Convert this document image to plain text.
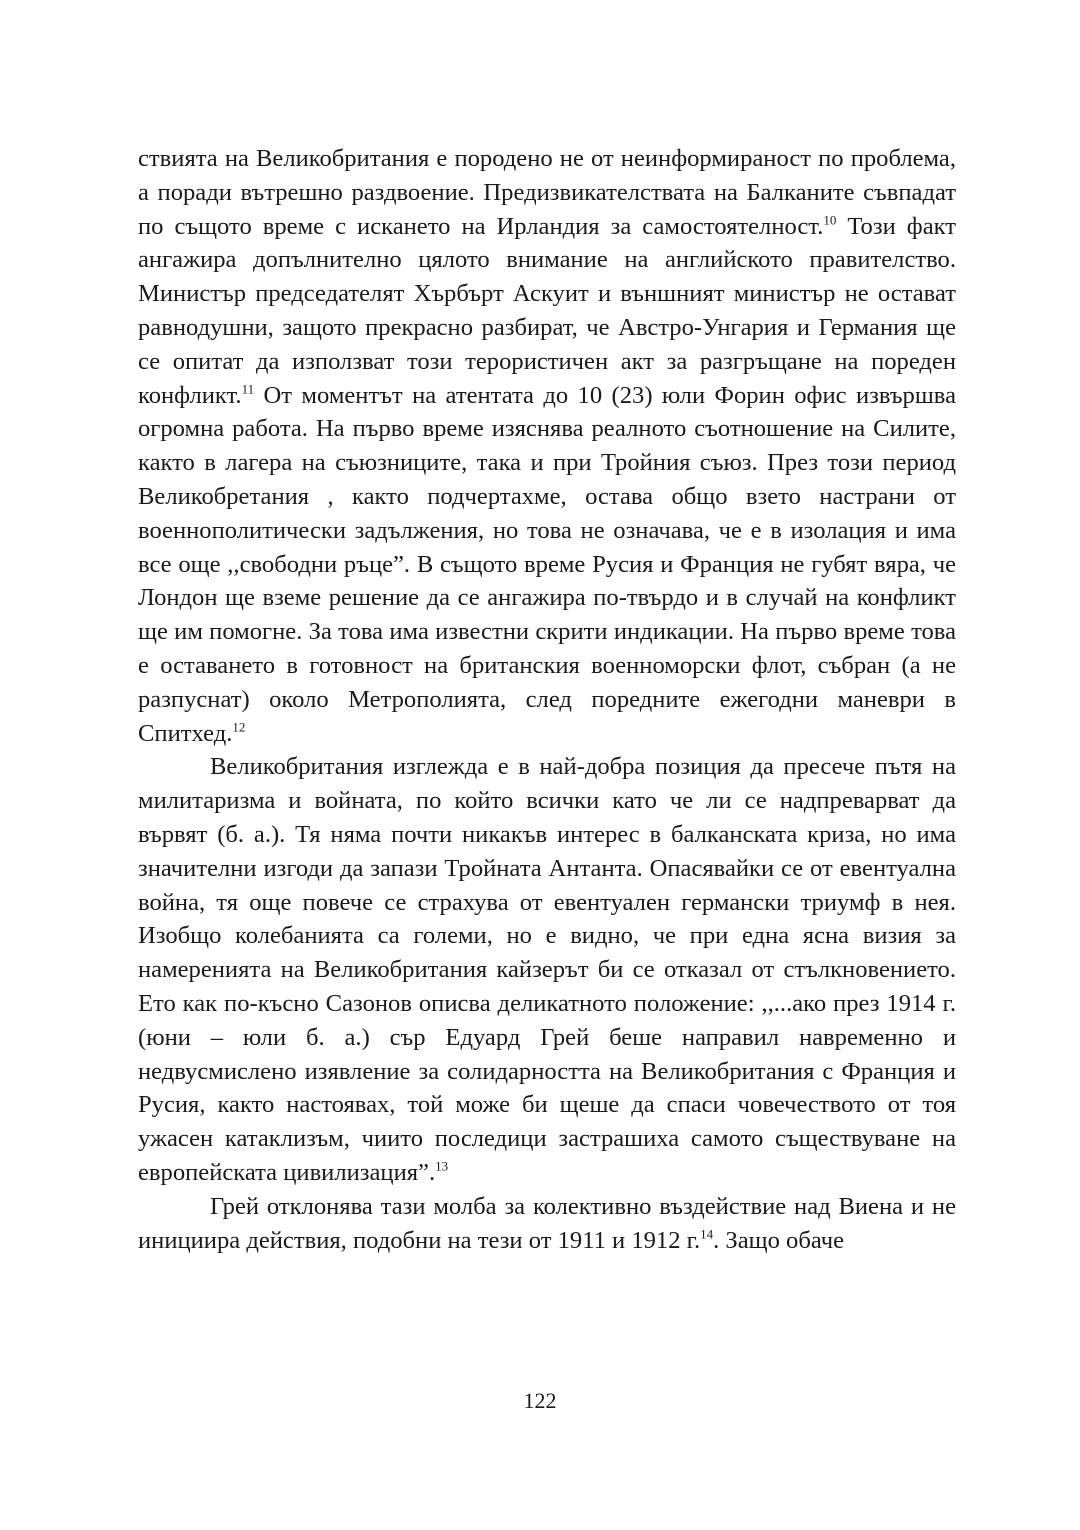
ствията на Великобритания е породено не от неинформираност по проблема, а поради вътрешно раздвоение. Предизвикателствата на Балканите съвпадат по същото време с искането на Ирландия за самостоятелност.$^{10}$ Този факт ангажира допълнително цялото внимание на английското правителство. Министър председателят Хърбърт Аскуит и външният министър не остават равнодушни, защото прекрасно разбират, че Австро-Унгария и Германия ще се опитат да използват този терористичен акт за разгръщане на пореден конфликт.$^{11}$ От моментът на атентата до 10 (23) юли Форин офис извършва огромна работа. На първо време изяснява реалното съотношение на Силите, както в лагера на съюзниците, така и при Тройния съюз. През този период Великобретания , както подчертахме, остава общо взето настрани от военнополитически задължения, но това не означава, че е в изолация и има все още ,,свободни ръце”. В същото време Русия и Франция не губят вяра, че Лондон ще вземе решение да се ангажира по-твърдо и в случай на конфликт ще им помогне. За това има известни скрити индикации. На първо време това е оставането в готовност на британския военноморски флот, събран (а не разпуснат) около Метрополията, след поредните ежегодни маневри в Спитхед.$^{12}$

Великобритания изглежда е в най-добра позиция да пресече пътя на милитаризма и войната, по който всички като че ли се надпреварват да вървят (б. а.). Тя няма почти никакъв интерес в балканската криза, но има значителни изгоди да запази Тройната Антанта. Опасявайки се от евентуална война, тя още повече се страхува от евентуален германски триумф в нея. Изобщо колебанията са големи, но е видно, че при една ясна визия за намеренията на Великобритания кайзерът би се отказал от стълкновението. Ето как по-късно Сазонов описва деликатното положение: ,,...ако през 1914 г. (юни – юли б. а.) сър Едуард Грей беше направил навременно и недвусмислено изявление за солидарността на Великобритания с Франция и Русия, както настоявах, той може би щеше да спаси човечеството от тоя ужасен катаклизъм, чиито последици застрашиха самото съществуване на европейската цивилизация”.$^{13}$

Грей отклонява тази молба за колективно въздействие над Виена и не инициира действия, подобни на тези от 1911 и 1912 г.$^{14}$. Защо обаче

122
